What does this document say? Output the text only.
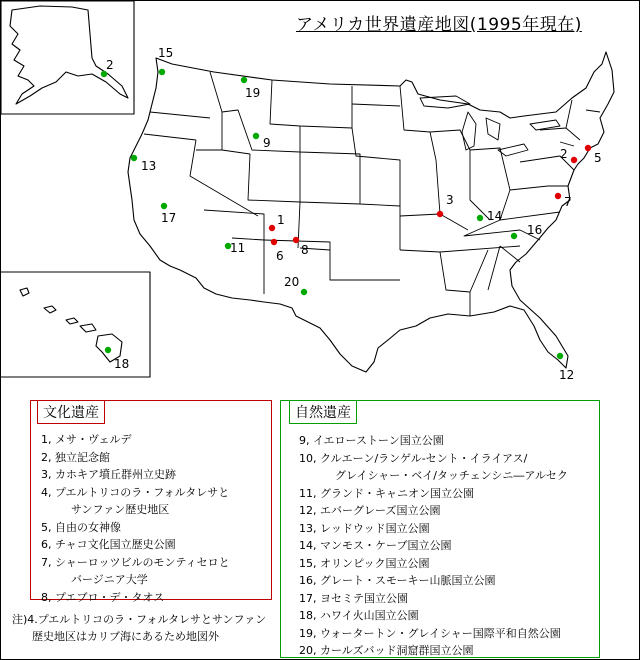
1
2
3
5
6
7
8
9
11
12
13
14
15
16
17
18
19
20
2
アメリカ世界遺産地図(1995年現在)
文化遺産
1, メサ・ヴェルデ
2, 独立記念館
3, カホキア墳丘群州立史跡
4, プエルトリコのラ・フォルタレサと
サンファン歴史地区
5, 自由の女神像
6, チャコ文化国立歴史公園
7, シャーロッツビルのモンティセロと
バージニア大学
8, プエブロ・デ・タオス
自然遺産
9, イエローストーン国立公園
10, クルエーン/ランゲル-セント・イライアス/
グレイシャー・ベイ/タッチェンシニ―アルセク
11, グランド・キャニオン国立公園
12, エバーグレーズ国立公園
13, レッドウッド国立公園
14, マンモス・ケーブ国立公園
15, オリンピック国立公園
16, グレート・スモーキー山脈国立公園
17, ヨセミテ国立公園
18, ハワイ火山国立公園
19, ウォータートン・グレイシャー国際平和自然公園
20, カールズバッド洞窟群国立公園
注)4.プエルトリコのラ・フォルタレサとサンファン
歴史地区はカリブ海にあるため地図外
